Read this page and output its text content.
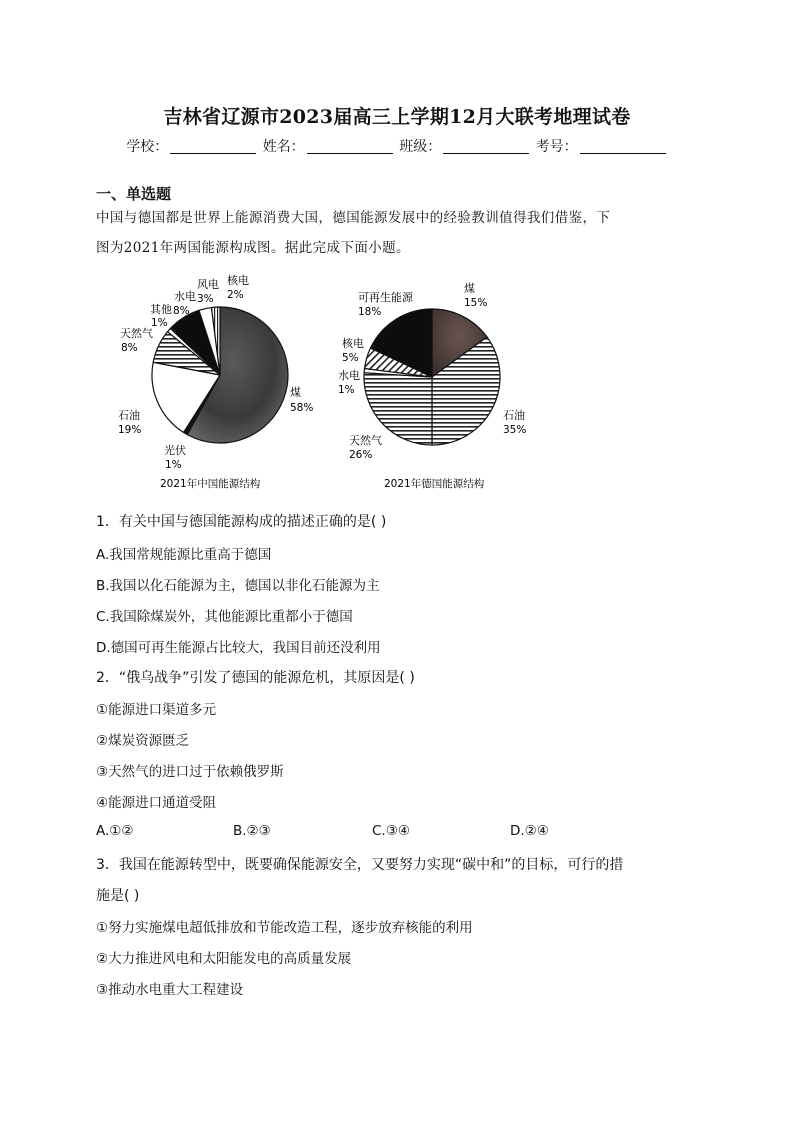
吉林省辽源市2023届高三上学期12月大联考地理试卷
学校：	姓名：	班级：	考号：
一、单选题
中国与德国都是世界上能源消费大国，德国能源发展中的经验教训值得我们借鉴，下
图为2021年两国能源构成图。据此完成下面小题。
风电
3%
核电
2%
水电
8%
其他
1%
天然气
8%
石油
19%
光伏
1%
煤
58%
2021年中国能源结构
可再生能源
18%
煤
15%
核电
5%
水电
1%
天然气
26%
石油
35%
2021年德国能源结构
1．有关中国与德国能源构成的描述正确的是( )
A.我国常规能源比重高于德国
B.我国以化石能源为主，德国以非化石能源为主
C.我国除煤炭外，其他能源比重都小于德国
D.德国可再生能源占比较大，我国目前还没利用
2．“俄乌战争”引发了德国的能源危机，其原因是( )
①能源进口渠道多元
②煤炭资源匮乏
③天然气的进口过于依赖俄罗斯
④能源进口通道受阻
A.①②	B.②③	C.③④	D.②④
3．我国在能源转型中，既要确保能源安全，又要努力实现“碳中和”的目标，可行的措
施是( )
①努力实施煤电超低排放和节能改造工程，逐步放弃核能的利用
②大力推进风电和太阳能发电的高质量发展
③推动水电重大工程建设
